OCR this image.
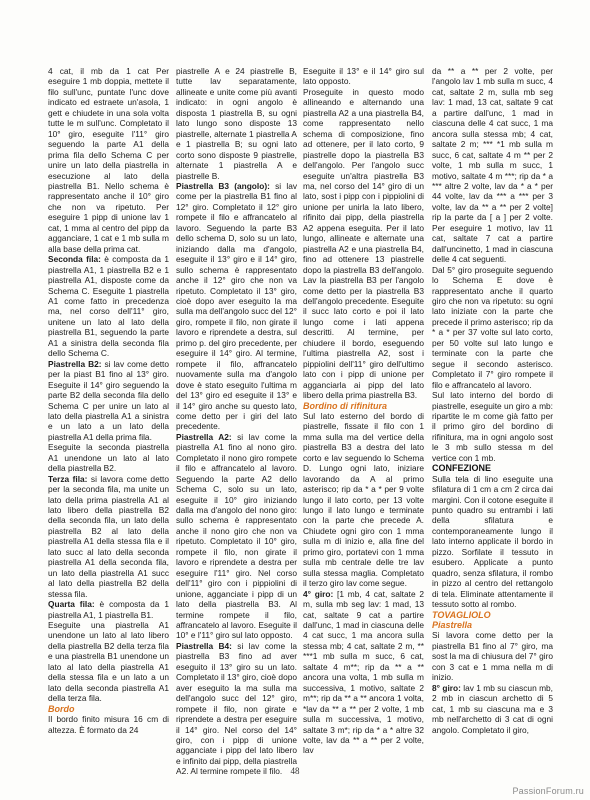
4 cat, il mb da 1 cat Per eseguire 1 mb doppia, mettete il filo sull'unc, puntate l'unc dove indicato ed estraete un'asola, 1 gett e chiudete in una sola volta tutte le m sull'unc. Completato il 10° giro, eseguite l'11° giro seguendo la parte A1 della prima fila dello Schema C per unire un lato della piastrella in esecuzione al lato della piastrella B1. Nello schema è rappresentato anche il 10° giro che non va ripetuto. Per eseguire 1 pipp di unione lav 1 cat, 1 mma al centro del pipp da agganciare, 1 cat e 1 mb sulla m alla base della prima cat.

Seconda fila: è composta da 1 piastrella A1, 1 piastrella B2 e 1 piastrella A1, disposte come da Schema C. Eseguite 1 piastrella A1 come fatto in precedenza ma, nel corso dell'11° giro, unitene un lato al lato della piastrella B1, seguendo la parte A1 a sinistra della seconda fila dello Schema C.

Piastrella B2: si lav come detto per la piast B1 fino al 13° giro. Eseguite il 14° giro seguendo la parte B2 della seconda fila dello Schema C per unire un lato al lato della piastrella A1 a sinistra e un lato a un lato della piastrella A1 della prima fila.

Eseguite la seconda piastrella A1 unendone un lato al lato della piastrella B2.

Terza fila: si lavora come detto per la seconda fila, ma unite un lato della prima piastrella A1 al lato libero della piastrella B2 della seconda fila, un lato della piastrella B2 al lato della piastrella A1 della stessa fila e il lato succ al lato della seconda piastrella A1 della seconda fila, un lato della piastrella A1 succ al lato della piastrella B2 della stessa fila.

Quarta fila: è composta da 1 piastrella A1, 1 piastrella B1.

Eseguite una piastrella A1 unendone un lato al lato libero della piastrella B2 della terza fila e una piastrella B1 unendone un lato al lato della piastrella A1 della stessa fila e un lato a un lato della seconda piastrella A1 della terza fila.

Bordo

Il bordo finito misura 16 cm di altezza. È formato da 24

piastrelle A e 24 piastrelle B, tutte lav separatamente, allineate e unite come più avanti indicato: in ogni angolo è disposta 1 piastrella B, su ogni lato lungo sono disposte 13 piastrelle, alternate 1 piastrella A e 1 piastrella B; su ogni lato corto sono disposte 9 piastrelle, alternate 1 piastrella A e piastrelle B.

Piastrella B3 (angolo): si lav come per la piastrella B1 fino al 12° giro. Completato il 12° giro rompete il filo e affrancatelo al lavoro. Seguendo la parte B3 dello schema D, solo su un lato, iniziando dalla ma d'angolo, eseguite il 13° giro e il 14° giro, sullo schema è rappresentato anche il 12° giro che non va ripetuto. Completato il 13° giro, cioè dopo aver eseguito la ma sulla ma dell'angolo succ del 12° giro, rompete il filo, non girate il lavoro e riprendete a destra, sul primo p. del giro precedente, per eseguire il 14° giro. Al termine, rompete il filo, affrancatelo nuovamente sulla ma d'angolo dove è stato eseguito l'ultima m del 13° giro ed eseguite il 13° e il 14° giro anche su questo lato, come detto per i giri del lato precedente.

Piastrella A2: si lav come la piastrella A1 fino al nono giro. Completato il nono giro rompete il filo e affrancatelo al lavoro. Seguendo la parte A2 dello Schema C, solo su un lato, eseguite il 10° giro iniziando dalla ma d'angolo del nono giro: sullo schema è rappresentato anche il nono giro che non va ripetuto. Completato il 10° giro, rompete il filo, non girate il lavoro e riprendete a destra per eseguire l'11° giro. Nel corso dell'11° giro con i pippiolini di unione, agganciate i pipp di un lato della piastrella B3. Al termine rompete il filo, affrancatelo al lavoro. Eseguite il 10° e l'11° giro sul lato opposto.

Piastrella B4: si lav come la piastrella B3 fino ad aver eseguito il 13° giro su un lato. Completato il 13° giro, cioè dopo aver eseguito la ma sulla ma dell'angolo succ del 12° giro, rompete il filo, non girate e riprendete a destra per eseguire il 14° giro. Nel corso del 14° giro, con i pipp di unione agganciate i pipp del lato libero e infinito dai pipp, della piastrella A2. Al termine rompete il filo.

Eseguite il 13° e il 14° giro sul lato opposto.

Proseguite in questo modo allineando e alternando una piastrella A2 a una piastrella B4, come rappresentato nello schema di composizione, fino ad ottenere, per il lato corto, 9 piastrelle dopo la piastrella B3 dell'angolo. Per l'angolo succ eseguite un'altra piastrella B3 ma, nel corso del 14° giro di un lato, sost i pipp con i pippiolini di unione per unirla la lato libero, rifinito dai pipp, della piastrella A2 appena eseguita. Per il lato lungo, allineate e alternate una piastrella A2 e una piastrella B4, fino ad ottenere 13 piastrelle dopo la piastrella B3 dell'angolo. Lav la piastrella B3 per l'angolo come detto per la piastrella B3 dell'angolo precedente. Eseguite il succ lato corto e poi il lato lungo come i lati appena descritti. Al termine, per chiudere il bordo, eseguendo l'ultima piastrella A2, sost i pippiolini dell'11° giro dell'ultimo lato con i pipp di unione per agganciarla ai pipp del lato libero della prima piastrella B3.

Bordino di rifinitura

Sul lato esterno del bordo di piastrelle, fissate il filo con 1 mma sulla ma del vertice della piastrella B3 a destra del lato corto e lav seguendo lo Schema D. Lungo ogni lato, iniziare lavorando da A al primo asterisco; rip da * a * per 9 volte lungo il lato corto, per 13 volte lungo il lato lungo e terminate con la parte che precede A. Chiudete ogni giro con 1 mma sulla m di inizio e, alla fine del primo giro, portatevi con 1 mma sulla mb centrale delle tre lav sulla stessa maglia. Completato il terzo giro lav come segue.

4° giro: [1 mb, 4 cat, saltate 2 m, sulla mb seg lav: 1 mad, 13 cat, saltate 9 cat a partire dall'unc, 1 mad in ciascuna delle 4 cat succ, 1 ma ancora sulla stessa mb; 4 cat, saltate 2 m, ** ***1 mb sulla m succ, 6 cat, saltate 4 m**; rip da ** a ** ancora una volta, 1 mb sulla m successiva, 1 motivo, saltate 2 m**; rip da ** a ** ancora 1 volta, *lav da ** a ** per 2 volte, 1 mb sulla m successiva, 1 motivo, saltate 3 m*; rip da * a * altre 32 volte, lav da ** a ** per 2 volte, lav

da ** a ** per 2 volte, per l'angolo lav 1 mb sulla m succ, 4 cat, saltate 2 m, sulla mb seg lav: 1 mad, 13 cat, saltate 9 cat a partire dall'unc, 1 mad in ciascuna delle 4 cat succ, 1 ma ancora sulla stessa mb; 4 cat, saltate 2 m; *** *1 mb sulla m succ, 6 cat, saltate 4 m ** per 2 volte, 1 mb sulla m succ, 1 motivo, saltate 4 m ***; rip da * a *** altre 2 volte, lav da * a * per 44 volte, lav da *** a *** per 3 volte, lav da ** a ** per 2 volte] rip la parte da [ a ] per 2 volte. Per eseguire 1 motivo, lav 11 cat, saltate 7 cat a partire dall'uncinetto, 1 mad in ciascuna delle 4 cat seguenti.

Dal 5° giro proseguite seguendo lo Schema E dove è rappresentato anche il quarto giro che non va ripetuto: su ogni lato iniziate con la parte che precede il primo asterisco; rip da * a * per 37 volte sul lato corto, per 50 volte sul lato lungo e terminate con la parte che segue il secondo asterisco. Completato il 7° giro rompete il filo e affrancatelo al lavoro.

Sul lato interno del bordo di piastrelle, eseguite un giro a mb: ripartite le m come già fatto per il primo giro del bordino di rifinitura, ma in ogni angolo sost le 3 mb sullo stessa m del vertice con 1 mb.

CONFEZIONE

Sulla tela di lino eseguite una sfilatura di 1 cm a cm 2 circa dai margini. Con il cotone eseguite il punto quadro su entrambi i lati della sfilatura e contemporaneamente lungo il lato interno applicate il bordo in pizzo. Sorfilate il tessuto in esubero. Applicate a punto quadro, senza sfilatura, il rombo in pizzo al centro del rettangolo di tela. Eliminate attentamente il tessuto sotto al rombo.

TOVAGLIOLO

Piastrella

Si lavora come detto per la piastrella B1 fino al 7° giro, ma sost la ma di chiusura del 7° giro con 3 cat e 1 mma nella m di inizio.

8° giro: lav 1 mb su ciascun mb, 2 mb in ciascun archetto di 5 cat, 1 mb su ciascuna ma e 3 mb nell'archetto di 3 cat di ogni angolo. Completato il giro,

48
PassionForum.ru
